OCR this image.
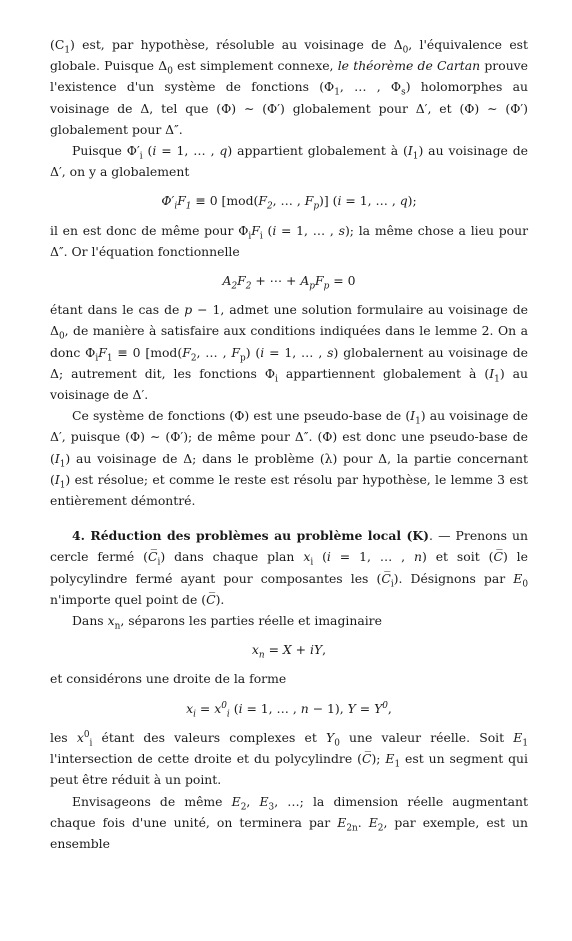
$(C_1)$ est, par hypothèse, résoluble au voisinage de $\Delta_0$, l'équivalence est globale. Puisque $\Delta_0$ est simplement connexe, le théorème de Cartan prouve l'existence d'un système de fonctions ($\Phi_1$, … , $\Phi_s$) holomorphes au voisinage de Δ, tel que (Φ) ∼ (Φ′) globalement pour Δ′, et (Φ) ∼ (Φ′) globalement pour Δ″.

Puisque $\Phi'_i$ (i = 1, … , q) appartient globalement à $(I_1)$ au voisinage de Δ′, on y a globalement

$\Phi'_iF_1 \equiv 0$ [$mod(F_2$, … , $F_p$)] (i = 1, … , q);

il en est donc de même pour $\Phi_iF_i$ (i = 1, … , s); la même chose a lieu pour Δ″. Or l'équation fonctionnelle

$A_2F_2$ + ⋯ + $A_pF_p = 0$

étant dans le cas de p − 1, admet une solution formulaire au voisinage de $\Delta_0$, de manière à satisfaire aux conditions indiquées dans le lemme 2. On a donc $\Phi_iF_1 \equiv 0$ [$mod(F_2$, … , $F_p$) (i = 1, … , s) globalernent au voisinage de Δ; autrement dit, les fonctions $\Phi_i$ appartiennent globalement à $(I_1)$ au voisinage de Δ′.

Ce système de fonctions (Φ) est une pseudo-base de $(I_1)$ au voisinage de Δ′, puisque (Φ) ∼ (Φ′); de même pour Δ″. (Φ) est donc une pseudo-base de $(I_1)$ au voisinage de Δ; dans le problème (λ) pour Δ, la partie concernant $(I_1)$ est résolue; et comme le reste est résolu par hypothèse, le lemme 3 est entièrement démontré.

4. Réduction des problèmes au problème local (K). — Prenons un cercle fermé $(C̅_i)$ dans chaque plan $x_i$ (i = 1, … , n) et soit (C̅) le polycylindre fermé ayant pour composantes les $(C̅_i)$. Désignons par $E_0$ n'importe quel point de (C̅).

Dans $x_n$, séparons les parties réelle et imaginaire

$x_n = X$ + iY,

et considérons une droite de la forme

$x_i = x^0_i$ (i = 1, … , n − 1), $Y = Y^0$,

les $x^0_i$ étant des valeurs complexes et $Y_0$ une valeur réelle. Soit $E_1$ l'intersection de cette droite et du polycylindre (C̅); $E_1$ est un segment qui peut être réduit à un point.

Envisageons de même $E_2$, $E_3$, …; la dimension réelle augmentant chaque fois d'une unité, on terminera par $E_{2n}$. $E_2$, par exemple, est un ensemble
